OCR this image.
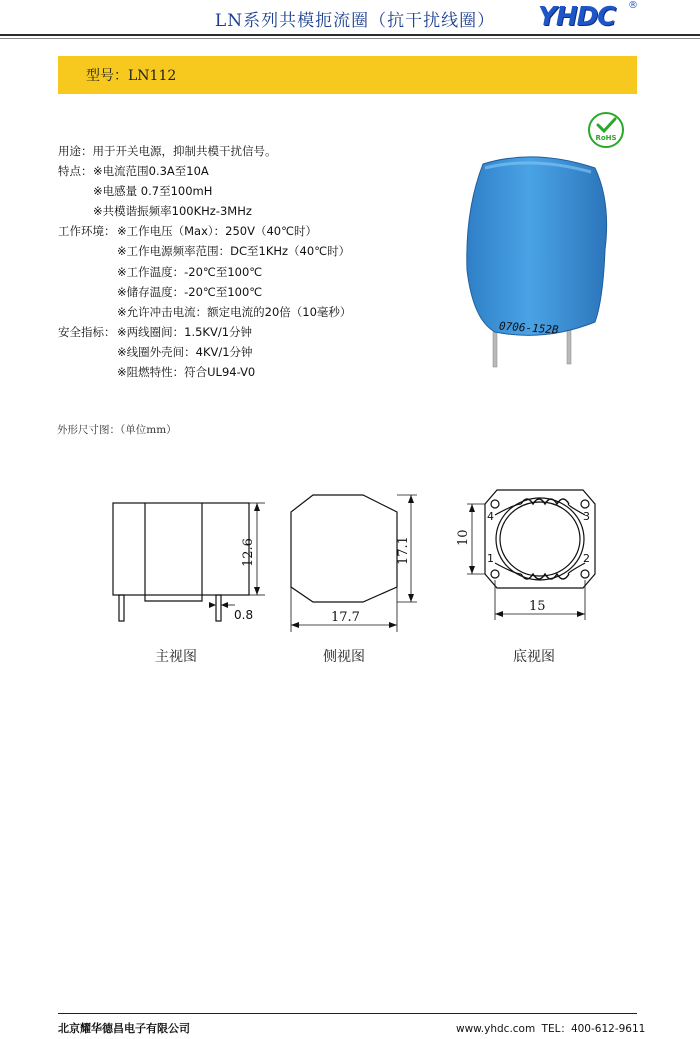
LN系列共模扼流圈（抗干扰线圈）	YHDC	®
型号：LN112
用途：用于开关电源，抑制共模干扰信号。
特点： ※电流范围0.3A至10A
※电感量 0.7至100mH
※共模谐振频率100KHz-3MHz
工作环境： ※工作电压（Max）：250V（40℃时）
※工作电源频率范围：DC至1KHz（40℃时）
※工作温度：-20℃至100℃
※储存温度：-20℃至100℃
※允许冲击电流：额定电流的20倍（10毫秒）
安全指标： ※两线圈间：1.5KV/1分钟
※线圈外壳间：4KV/1分钟
※阻燃特性：符合UL94-V0
RoHS
0706-152B
外形尺寸图：（单位mm）
12.6
0.8
主视图
17.1
17.7
侧视图
4	3
1	2
10
15
底视图
北京耀华德昌电子有限公司	www.yhdc.com TEL：400-612-9611
